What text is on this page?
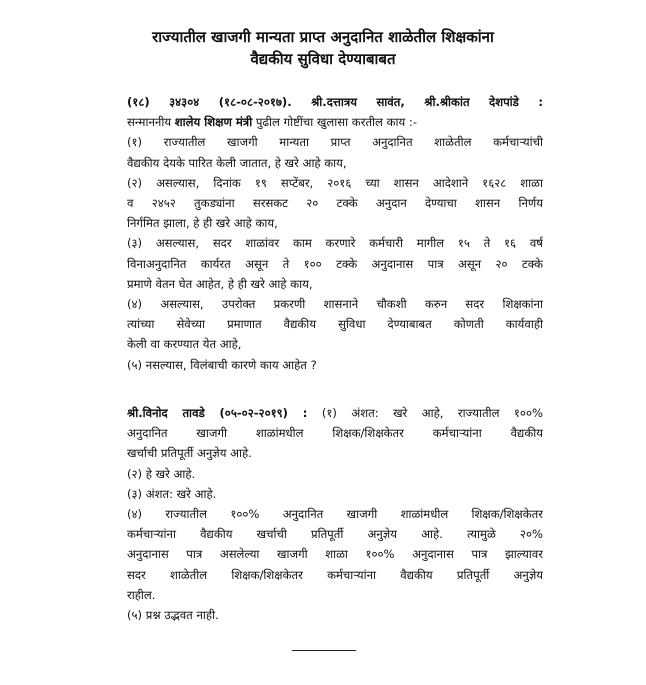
राज्यातील खाजगी मान्यता प्राप्त अनुदानित शाळेतील शिक्षकांना
वैद्यकीय सुविधा देण्याबाबत
(१८) ३४३०४ (१८-०८-२०१७). श्री.दत्तात्रय सावंत, श्री.श्रीकांत देशपांडे :
सन्माननीय शालेय शिक्षण मंत्री पुढील गोष्टींचा खुलासा करतील काय :-
(१) राज्यातील खाजगी मान्यता प्राप्त अनुदानित शाळेतील कर्मचाऱ्यांची
वैद्यकीय देयके पारित केली जातात, हे खरे आहे काय,
(२) असल्यास, दिनांक १९ सप्टेंबर, २०१६ च्या शासन आदेशाने १६२८ शाळा
व २४५२ तुकड्यांना सरसकट २० टक्के अनुदान देण्याचा शासन निर्णय
निर्गमित झाला, हे ही खरे आहे काय,
(३) असल्यास, सदर शाळांवर काम करणारे कर्मचारी मागील १५ ते १६ वर्ष
विनाअनुदानित कार्यरत असून ते १०० टक्के अनुदानास पात्र असून २० टक्के
प्रमाणे वेतन घेत आहेत, हे ही खरे आहे काय,
(४) असल्यास, उपरोक्त प्रकरणी शासनाने चौकशी करुन सदर शिक्षकांना
त्यांच्या सेवेच्या प्रमाणात वैद्यकीय सुविधा देण्याबाबत कोणती कार्यवाही
केली वा करण्यात येत आहे,
(५) नसल्यास, विलंबाची कारणे काय आहेत ?
श्री.विनोद तावडे (०५-०२-२०१९) : (१) अंशत: खरे आहे, राज्यातील १००%
अनुदानित खाजगी शाळांमधील शिक्षक/शिक्षकेतर कर्मचाऱ्यांना वैद्यकीय
खर्चाची प्रतिपूर्ती अनुज्ञेय आहे.
(२) हे खरे आहे.
(३) अंशत: खरे आहे.
(४) राज्यातील १००% अनुदानित खाजगी शाळांमधील शिक्षक/शिक्षकेतर
कर्मचाऱ्यांना वैद्यकीय खर्चाची प्रतिपूर्ती अनुज्ञेय आहे. त्यामुळे २०%
अनुदानास पात्र असलेल्या खाजगी शाळा १००% अनुदानास पात्र झाल्यावर
सदर शाळेतील शिक्षक/शिक्षकेतर कर्मचाऱ्यांना वैद्यकीय प्रतिपूर्ती अनुज्ञेय
राहील.
(५) प्रश्न उद्भवत नाही.
